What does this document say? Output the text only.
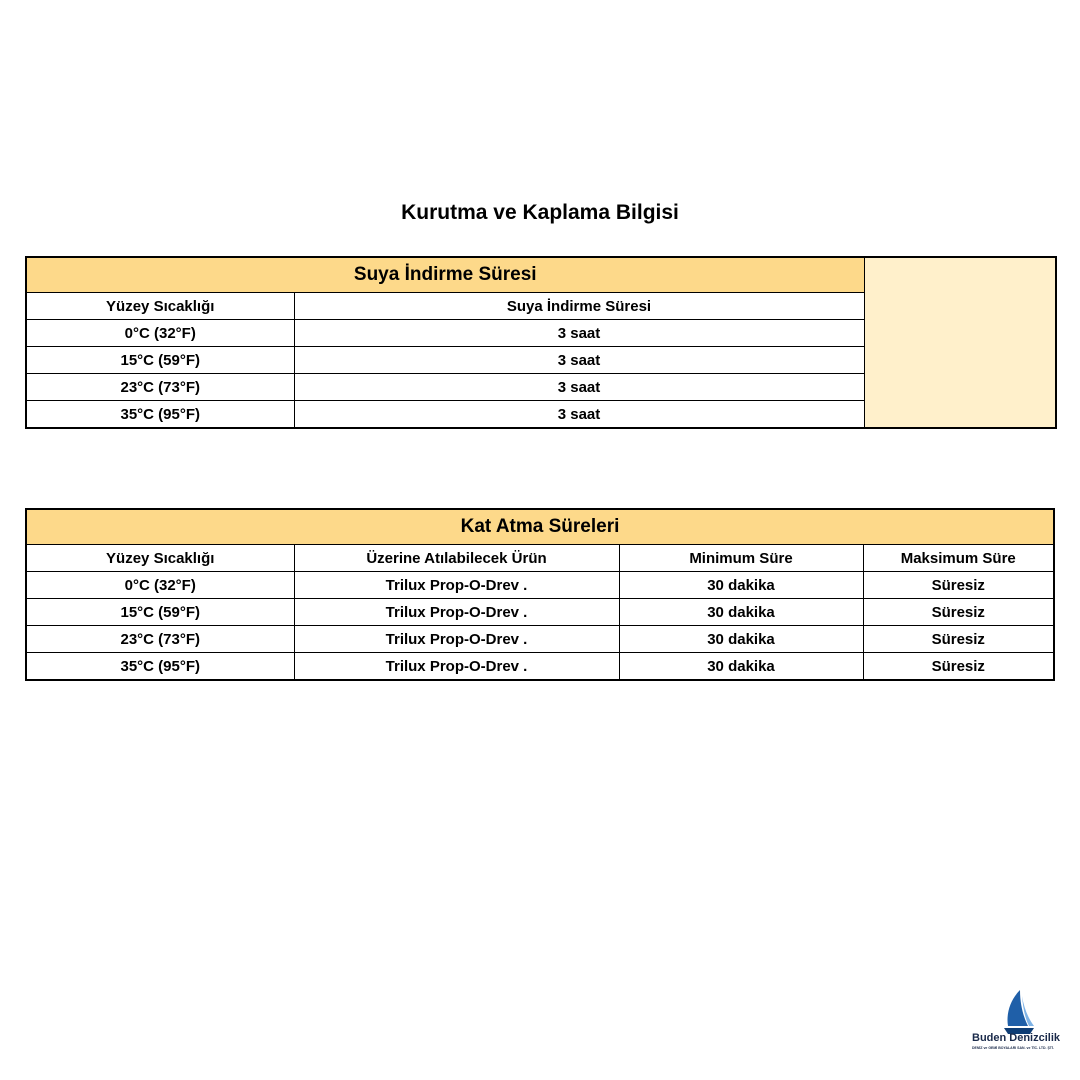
Kurutma ve Kaplama Bilgisi
Suya İndirme Süresi		
Yüzey Sıcaklığı	Suya İndirme Süresi	
0°C (32°F)	3 saat	
15°C (59°F)	3 saat	
23°C (73°F)	3 saat	
35°C (95°F)	3 saat	
Kat Atma Süreleri			
Yüzey Sıcaklığı	Üzerine Atılabilecek Ürün	Minimum Süre	Maksimum Süre
0°C (32°F)	Trilux Prop-O-Drev .	30 dakika	Süresiz
15°C (59°F)	Trilux Prop-O-Drev .	30 dakika	Süresiz
23°C (73°F)	Trilux Prop-O-Drev .	30 dakika	Süresiz
35°C (95°F)	Trilux Prop-O-Drev .	30 dakika	Süresiz
Buden Denizcilik
DENİZ ve GEMİ BOYALARI SAN. ve TİC. LTD. ŞTİ.
